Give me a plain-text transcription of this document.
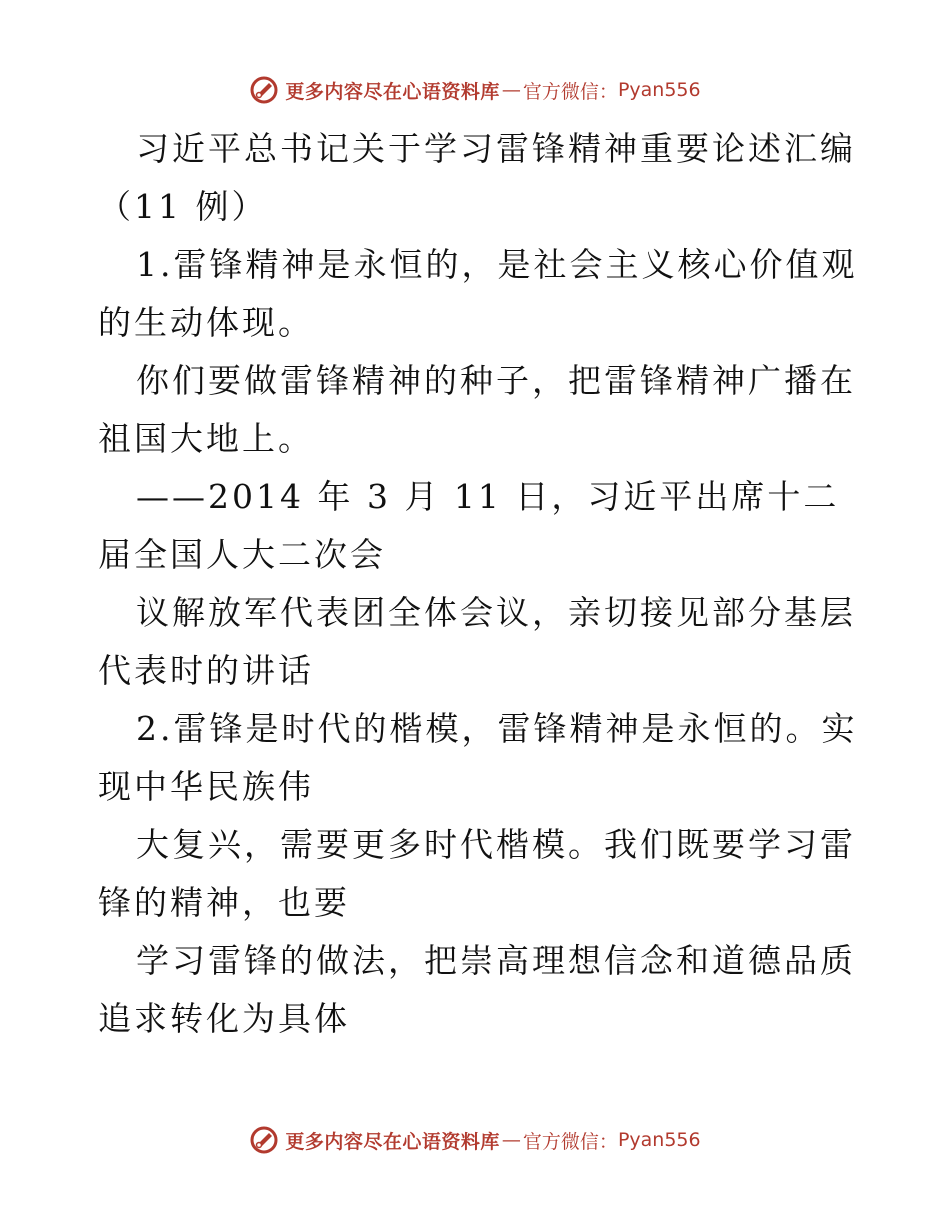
更多内容尽在心语资料库 — 官方微信： Pyan556

习近平总书记关于学习雷锋精神重要论述汇编（11 例）

1.雷锋精神是永恒的，是社会主义核心价值观的生动体现。

你们要做雷锋精神的种子，把雷锋精神广播在祖国大地上。

——2014 年 3 月 11 日，习近平出席十二届全国人大二次会

议解放军代表团全体会议，亲切接见部分基层代表时的讲话

2.雷锋是时代的楷模，雷锋精神是永恒的。实现中华民族伟

大复兴，需要更多时代楷模。我们既要学习雷锋的精神，也要

学习雷锋的做法，把崇高理想信念和道德品质追求转化为具体

更多内容尽在心语资料库 — 官方微信： Pyan556
